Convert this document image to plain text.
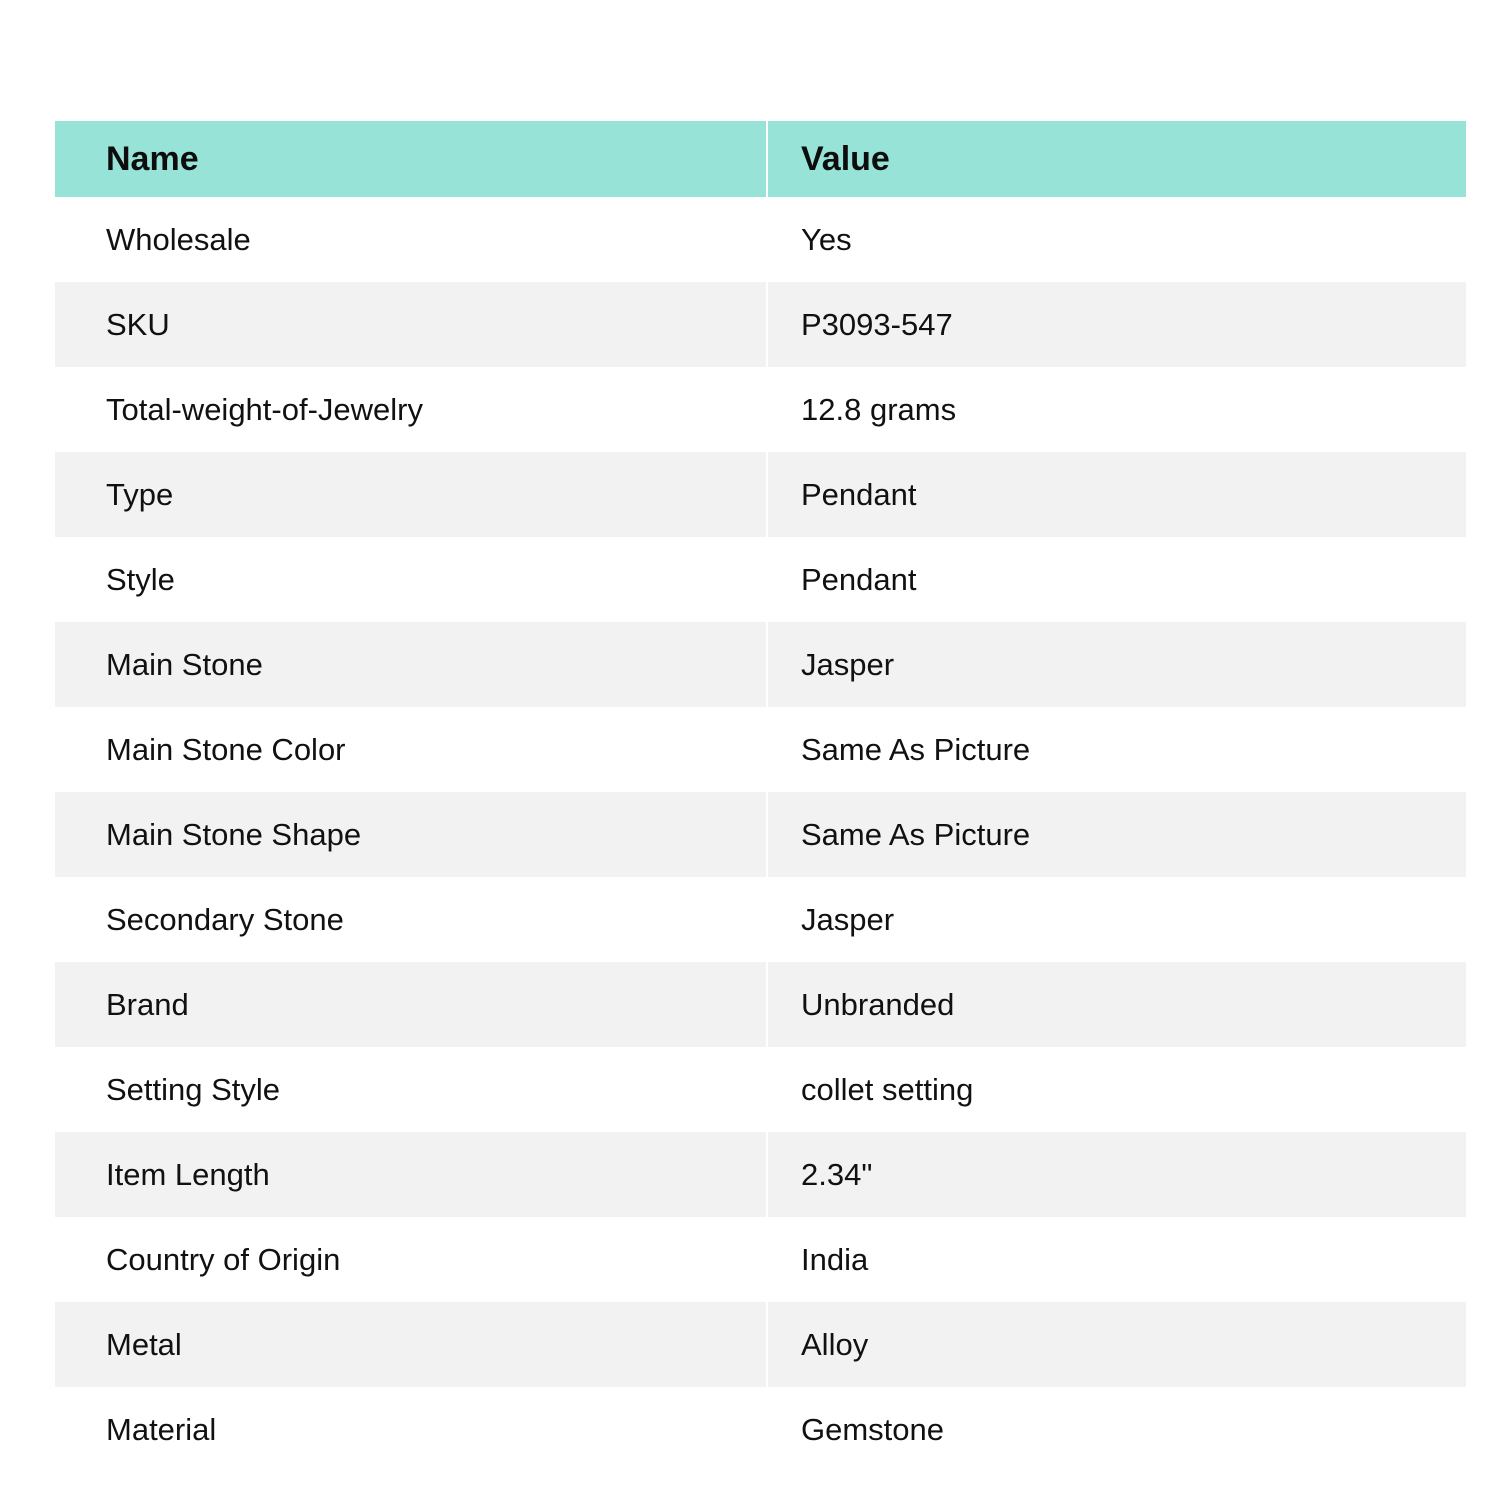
Name	Value
Wholesale	Yes
SKU	P3093-547
Total-weight-of-Jewelry	12.8 grams
Type	Pendant
Style	Pendant
Main Stone	Jasper
Main Stone Color	Same As Picture
Main Stone Shape	Same As Picture
Secondary Stone	Jasper
Brand	Unbranded
Setting Style	collet setting
Item Length	2.34"
Country of Origin	India
Metal	Alloy
Material	Gemstone
